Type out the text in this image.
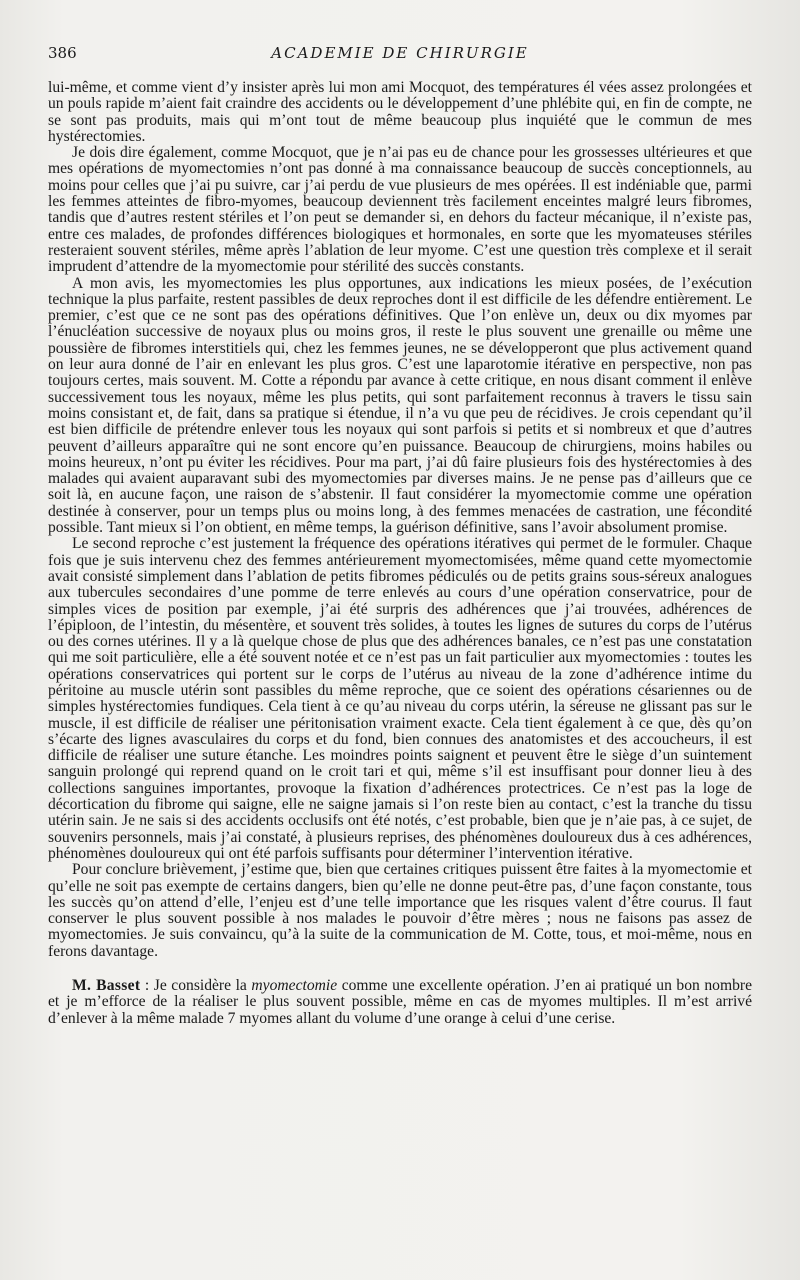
386	ACADEMIE DE CHIRURGIE

lui-même, et comme vient d’y insister après lui mon ami Mocquot, des températures él vées assez prolongées et un pouls rapide m’aient fait craindre des accidents ou le développement d’une phlébite qui, en fin de compte, ne se sont pas produits, mais qui m’ont tout de même beaucoup plus inquiété que le commun de mes hystérectomies.

Je dois dire également, comme Mocquot, que je n’ai pas eu de chance pour les grossesses ultérieures et que mes opérations de myomectomies n’ont pas donné à ma connaissance beaucoup de succès conceptionnels, au moins pour celles que j’ai pu suivre, car j’ai perdu de vue plusieurs de mes opérées. Il est indéniable que, parmi les femmes atteintes de fibro-myomes, beaucoup deviennent très facilement enceintes malgré leurs fibromes, tandis que d’autres restent stériles et l’on peut se demander si, en dehors du facteur mécanique, il n’existe pas, entre ces malades, de profondes différences biologiques et hormonales, en sorte que les myomateuses stériles resteraient souvent stériles, même après l’ablation de leur myome. C’est une question très complexe et il serait imprudent d’attendre de la myomectomie pour stérilité des succès constants.

A mon avis, les myomectomies les plus opportunes, aux indications les mieux posées, de l’exécution technique la plus parfaite, restent passibles de deux reproches dont il est difficile de les défendre entièrement. Le premier, c’est que ce ne sont pas des opérations définitives. Que l’on enlève un, deux ou dix myomes par l’énucléation successive de noyaux plus ou moins gros, il reste le plus souvent une grenaille ou même une poussière de fibromes interstitiels qui, chez les femmes jeunes, ne se développeront que plus activement quand on leur aura donné de l’air en enlevant les plus gros. C’est une laparotomie itérative en perspective, non pas toujours certes, mais souvent. M. Cotte a répondu par avance à cette critique, en nous disant comment il enlève successivement tous les noyaux, même les plus petits, qui sont parfaitement reconnus à travers le tissu sain moins consistant et, de fait, dans sa pratique si étendue, il n’a vu que peu de récidives. Je crois cependant qu’il est bien difficile de prétendre enlever tous les noyaux qui sont parfois si petits et si nombreux et que d’autres peuvent d’ailleurs apparaître qui ne sont encore qu’en puissance. Beaucoup de chirurgiens, moins habiles ou moins heureux, n’ont pu éviter les récidives. Pour ma part, j’ai dû faire plusieurs fois des hystérectomies à des malades qui avaient auparavant subi des myomectomies par diverses mains. Je ne pense pas d’ailleurs que ce soit là, en aucune façon, une raison de s’abstenir. Il faut considérer la myomectomie comme une opération destinée à conserver, pour un temps plus ou moins long, à des femmes menacées de castration, une fécondité possible. Tant mieux si l’on obtient, en même temps, la guérison définitive, sans l’avoir absolument promise.

Le second reproche c’est justement la fréquence des opérations itératives qui permet de le formuler. Chaque fois que je suis intervenu chez des femmes antérieurement myomectomisées, même quand cette myomectomie avait consisté simplement dans l’ablation de petits fibromes pédiculés ou de petits grains sous-séreux analogues aux tubercules secondaires d’une pomme de terre enlevés au cours d’une opération conservatrice, pour de simples vices de position par exemple, j’ai été surpris des adhérences que j’ai trouvées, adhérences de l’épiploon, de l’intestin, du mésentère, et souvent très solides, à toutes les lignes de sutures du corps de l’utérus ou des cornes utérines. Il y a là quelque chose de plus que des adhérences banales, ce n’est pas une constatation qui me soit particulière, elle a été souvent notée et ce n’est pas un fait particulier aux myomectomies : toutes les opérations conservatrices qui portent sur le corps de l’utérus au niveau de la zone d’adhérence intime du péritoine au muscle utérin sont passibles du même reproche, que ce soient des opérations césariennes ou de simples hystérectomies fundiques. Cela tient à ce qu’au niveau du corps utérin, la séreuse ne glissant pas sur le muscle, il est difficile de réaliser une péritonisation vraiment exacte. Cela tient également à ce que, dès qu’on s’écarte des lignes avasculaires du corps et du fond, bien connues des anatomistes et des accoucheurs, il est difficile de réaliser une suture étanche. Les moindres points saignent et peuvent être le siège d’un suintement sanguin prolongé qui reprend quand on le croit tari et qui, même s’il est insuffisant pour donner lieu à des collections sanguines importantes, provoque la fixation d’adhérences protectrices. Ce n’est pas la loge de décortication du fibrome qui saigne, elle ne saigne jamais si l’on reste bien au contact, c’est la tranche du tissu utérin sain. Je ne sais si des accidents occlusifs ont été notés, c’est probable, bien que je n’aie pas, à ce sujet, de souvenirs personnels, mais j’ai constaté, à plusieurs reprises, des phénomènes douloureux dus à ces adhérences, phénomènes douloureux qui ont été parfois suffisants pour déterminer l’intervention itérative.

Pour conclure brièvement, j’estime que, bien que certaines critiques puissent être faites à la myomectomie et qu’elle ne soit pas exempte de certains dangers, bien qu’elle ne donne peut-être pas, d’une façon constante, tous les succès qu’on attend d’elle, l’enjeu est d’une telle importance que les risques valent d’être courus. Il faut conserver le plus souvent possible à nos malades le pouvoir d’être mères ; nous ne faisons pas assez de myomectomies. Je suis convaincu, qu’à la suite de la communication de M. Cotte, tous, et moi-même, nous en ferons davantage.

M. Basset : Je considère la myomectomie comme une excellente opération. J’en ai pratiqué un bon nombre et je m’efforce de la réaliser le plus souvent possible, même en cas de myomes multiples. Il m’est arrivé d’enlever à la même malade 7 myomes allant du volume d’une orange à celui d’une cerise.
